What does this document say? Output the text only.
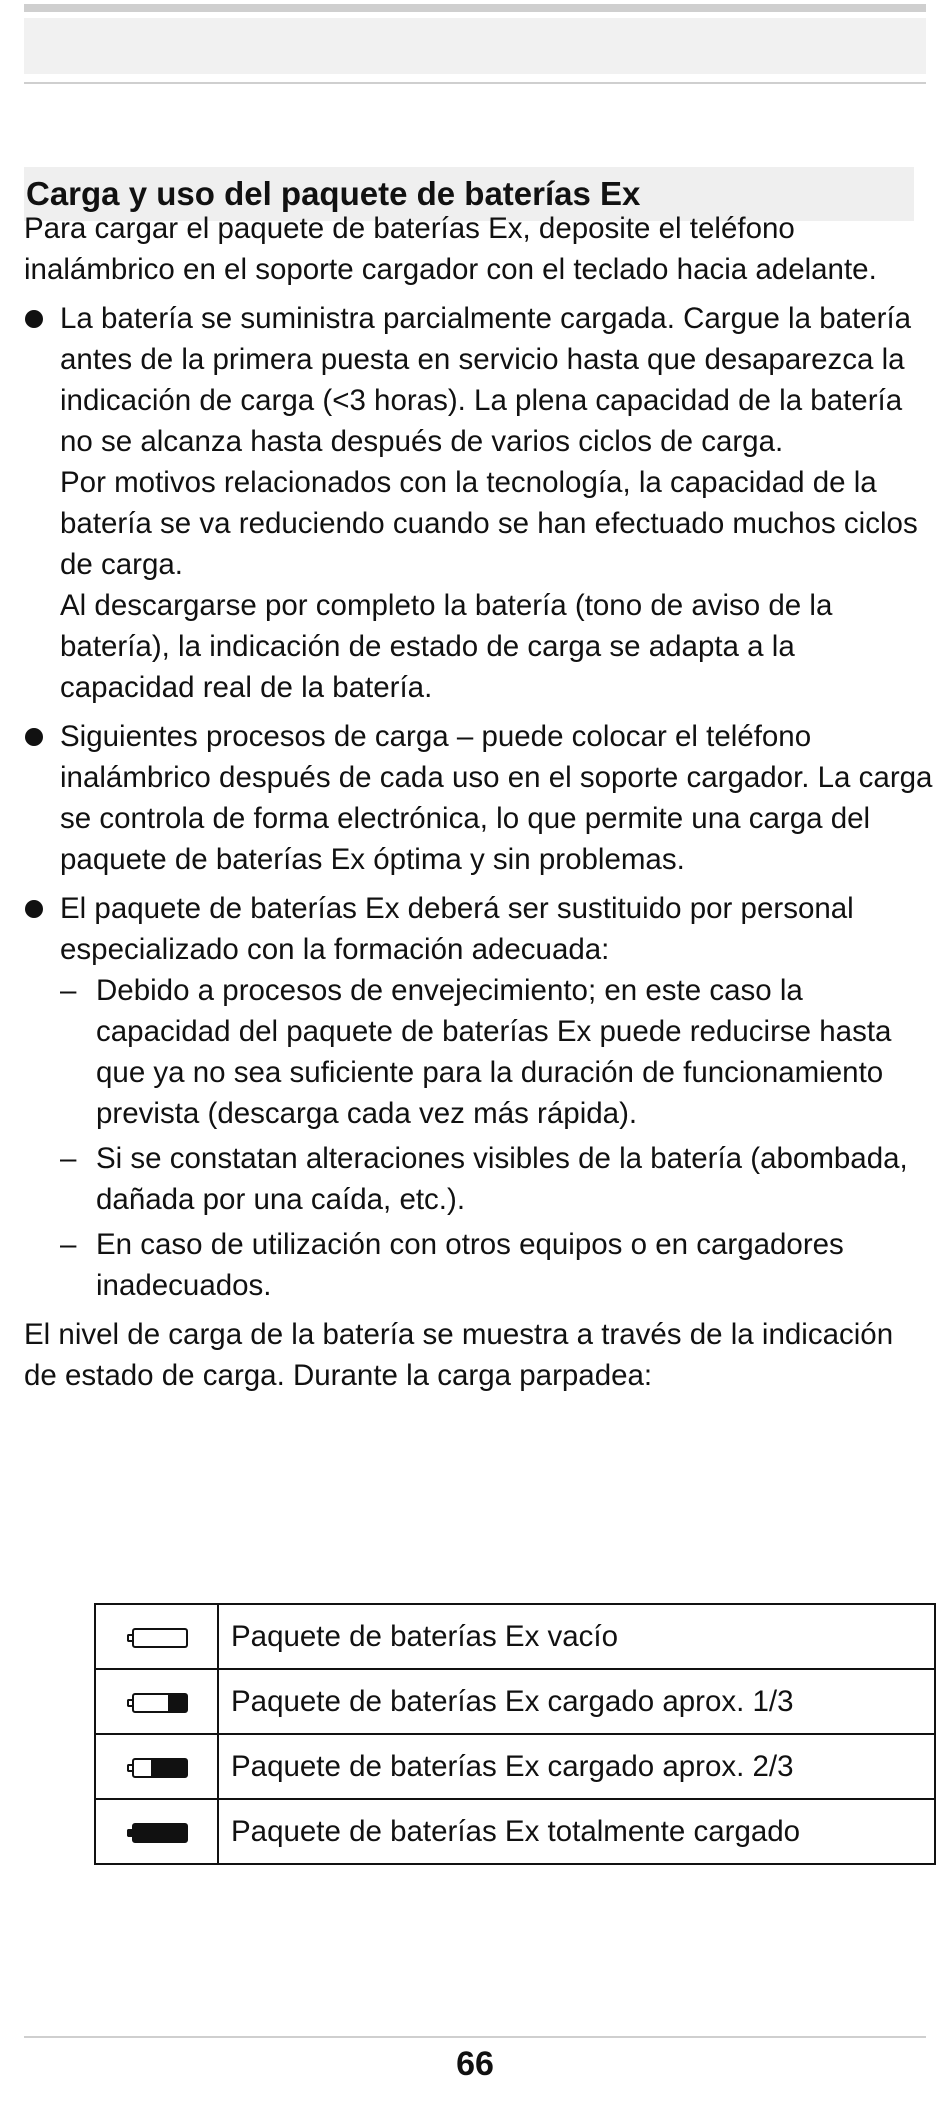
Carga y uso del paquete de baterías Ex

Para cargar el paquete de baterías Ex, deposite el teléfono inalámbrico en el soporte cargador con el teclado hacia adelante.

La batería se suministra parcialmente cargada. Cargue la batería antes de la primera puesta en servicio hasta que desaparezca la indicación de carga (<3 horas). La plena capacidad de la batería no se alcanza hasta después de varios ciclos de carga.

Por motivos relacionados con la tecnología, la capacidad de la batería se va reduciendo cuando se han efectuado muchos ciclos de carga.

Al descargarse por completo la batería (tono de aviso de la batería), la indicación de estado de carga se adapta a la capacidad real de la batería.

Siguientes procesos de carga – puede colocar el teléfono inalámbrico después de cada uso en el soporte cargador. La carga se controla de forma electrónica, lo que permite una carga del paquete de baterías Ex óptima y sin problemas.

El paquete de baterías Ex deberá ser sustituido por personal especializado con la formación adecuada:

– Debido a procesos de envejecimiento; en este caso la capacidad del paquete de baterías Ex puede reducirse hasta que ya no sea suficiente para la duración de funcionamiento prevista (descarga cada vez más rápida).
– Si se constatan alteraciones visibles de la batería (abombada, dañada por una caída, etc.).
– En caso de utilización con otros equipos o en cargadores inadecuados.

El nivel de carga de la batería se muestra a través de la indicación de estado de carga. Durante la carga parpadea:

	Paquete de baterías Ex vacío

	Paquete de baterías Ex cargado aprox. 1/3

	Paquete de baterías Ex cargado aprox. 2/3

	Paquete de baterías Ex totalmente cargado
66
